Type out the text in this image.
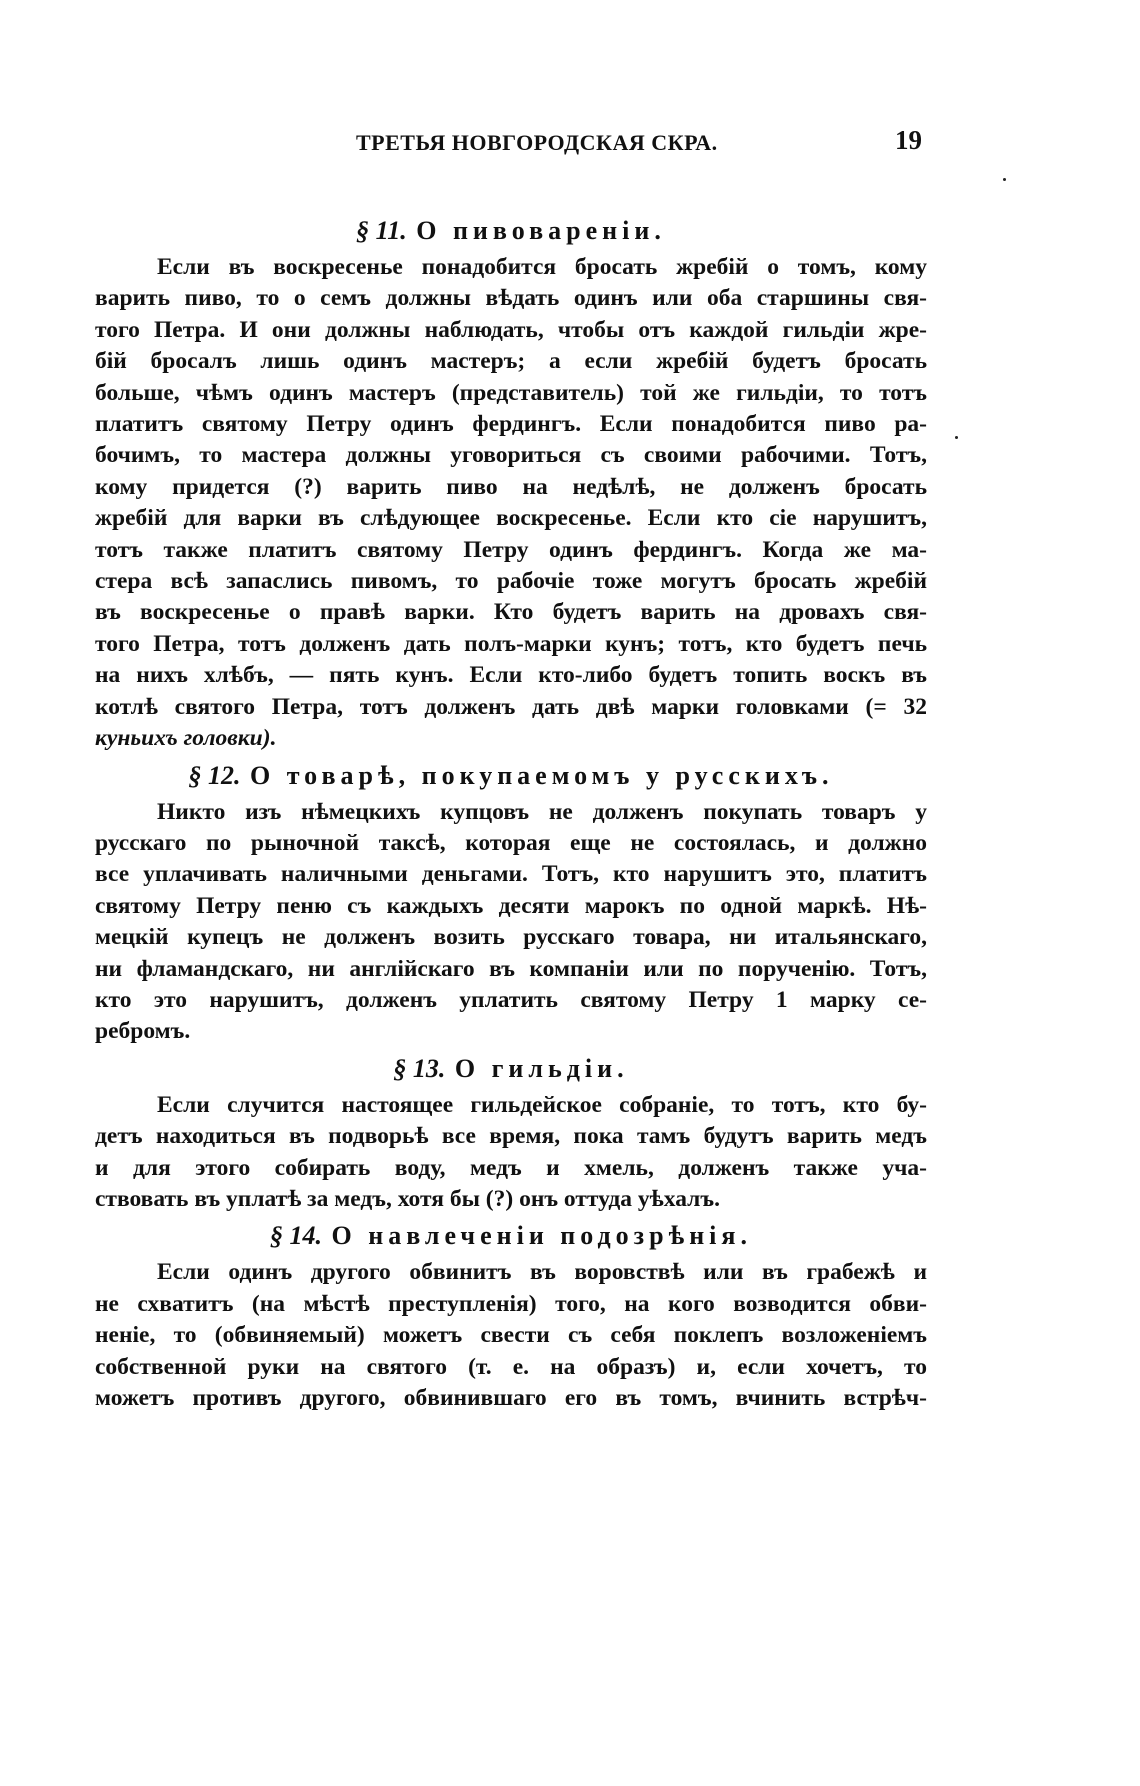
ТРЕТЬЯ НОВГОРОДСКАЯ СКРА.	19
§ 11. О пивовареніи.

Если въ воскресенье понадобится бросать жребій о томъ, кому
варить пиво, то о семъ должны вѣдать одинъ или оба старшины свя-
того Петра. И они должны наблюдать, чтобы отъ каждой гильдіи жре-
бій бросалъ лишь одинъ мастеръ; а если жребій будетъ бросать
больше, чѣмъ одинъ мастеръ (представитель) той же гильдіи, то тотъ
платитъ святому Петру одинъ фердингъ. Если понадобится пиво ра-
бочимъ, то мастера должны уговориться съ своими рабочими. Тотъ,
кому придется (?) варить пиво на недѣлѣ, не долженъ бросать
жребій для варки въ слѣдующее воскресенье. Если кто сіе нарушитъ,
тотъ также платитъ святому Петру одинъ фердингъ. Когда же ма-
стера всѣ запаслись пивомъ, то рабочіе тоже могутъ бросать жребій
въ воскресенье о правѣ варки. Кто будетъ варить на дровахъ свя-
того Петра, тотъ долженъ дать полъ-марки кунъ; тотъ, кто будетъ печь
на нихъ хлѣбъ, — пять кунъ. Если кто-либо будетъ топить воскъ въ
котлѣ святого Петра, тотъ долженъ дать двѣ марки головками (= 32
куньихъ головки).

§ 12. О товарѣ, покупаемомъ у русскихъ.

Никто изъ нѣмецкихъ купцовъ не долженъ покупать товаръ у
русскаго по рыночной таксѣ, которая еще не состоялась, и должно
все уплачивать наличными деньгами. Тотъ, кто нарушитъ это, платитъ
святому Петру пеню съ каждыхъ десяти марокъ по одной маркѣ. Нѣ-
мецкій купецъ не долженъ возить русскаго товара, ни итальянскаго,
ни фламандскаго, ни англійскаго въ компаніи или по порученію. Тотъ,
кто это нарушитъ, долженъ уплатить святому Петру 1 марку се-
ребромъ.

§ 13. О гильдіи.

Если случится настоящее гильдейское собраніе, то тотъ, кто бу-
детъ находиться въ подворьѣ все время, пока тамъ будутъ варить медъ
и для этого собирать воду, медъ и хмель, долженъ также уча-
ствовать въ уплатѣ за медъ, хотя бы (?) онъ оттуда уѣхалъ.

§ 14. О навлеченіи подозрѣнія.

Если одинъ другого обвинитъ въ воровствѣ или въ грабежѣ и
не схватитъ (на мѣстѣ преступленія) того, на кого возводится обви-
неніе, то (обвиняемый) можетъ свести съ себя поклепъ возложеніемъ
собственной руки на святого (т. е. на образъ) и, если хочетъ, то
можетъ противъ другого, обвинившаго его въ томъ, вчинить встрѣч-
